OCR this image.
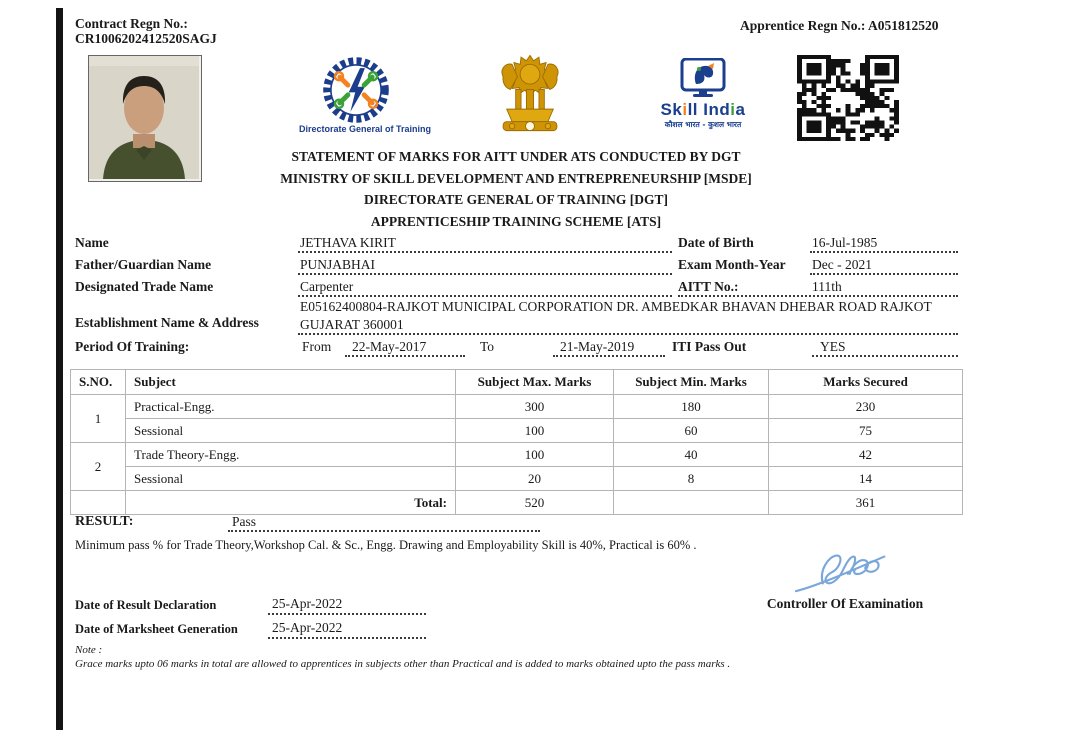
Contract Regn No.:
CR1006202412520SAGJ
Apprentice Regn No.: A051812520
Directorate General of Training
Skill India
कौशल भारत - कुशल भारत
STATEMENT OF MARKS FOR AITT UNDER ATS CONDUCTED BY DGT
MINISTRY OF SKILL DEVELOPMENT AND ENTREPRENEURSHIP [MSDE]
DIRECTORATE GENERAL OF TRAINING [DGT]
APPRENTICESHIP TRAINING SCHEME [ATS]
Name	JETHAVA KIRIT	Date of Birth	16-Jul-1985
Father/Guardian Name	PUNJABHAI	Exam Month-Year Dec - 2021
Designated Trade Name	Carpenter	AITT No.:	111th
Establishment Name & Address
E05162400804-RAJKOT MUNICIPAL CORPORATION DR. AMBEDKAR BHAVAN DHEBAR ROAD RAJKOT
GUJARAT 360001
Period Of Training:	From 22-May-2017	To	21-May-2019	ITI Pass Out	YES
S.NO.	Subject	Subject Max. Marks	Subject Min. Marks	Marks Secured
1	Practical-Engg.	300	180	230
	Sessional	100	60	75
2	Trade Theory-Engg.	100	40	42
	Sessional	20	8	14
	Total:	520		361
RESULT:	Pass
Minimum pass % for Trade Theory,Workshop Cal. & Sc., Engg. Drawing and Employability Skill is 40%, Practical is 60% .
Controller Of Examination
Date of Result Declaration	25-Apr-2022
Date of Marksheet Generation	25-Apr-2022
Note :
Grace marks upto 06 marks in total are allowed to apprentices in subjects other than Practical and is added to marks obtained upto the pass marks .
